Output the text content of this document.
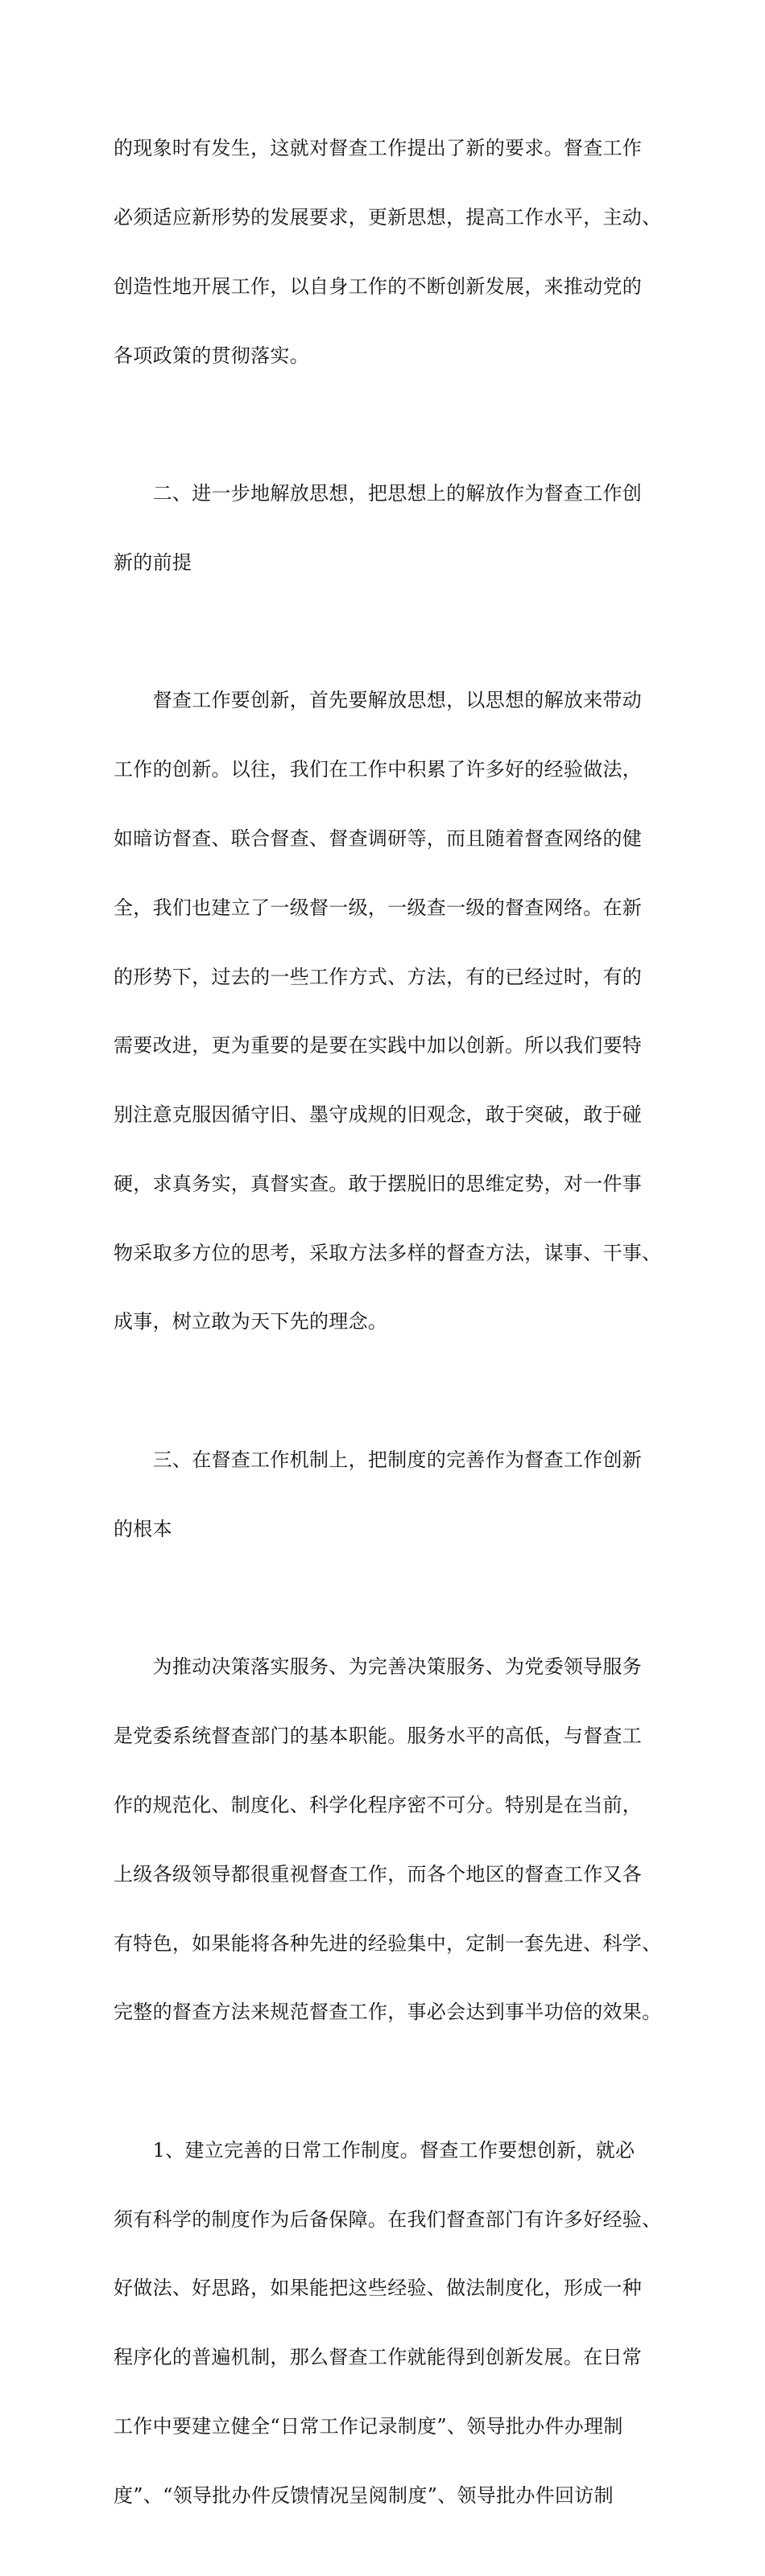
的现象时有发生，这就对督查工作提出了新的要求。督查工作

必须适应新形势的发展要求，更新思想，提高工作水平，主动、

创造性地开展工作，以自身工作的不断创新发展，来推动党的

各项政策的贯彻落实。

　　二、进一步地解放思想，把思想上的解放作为督查工作创

新的前提

　　督查工作要创新，首先要解放思想，以思想的解放来带动

工作的创新。以往，我们在工作中积累了许多好的经验做法，

如暗访督查、联合督查、督查调研等，而且随着督查网络的健

全，我们也建立了一级督一级，一级查一级的督查网络。在新

的形势下，过去的一些工作方式、方法，有的已经过时，有的

需要改进，更为重要的是要在实践中加以创新。所以我们要特

别注意克服因循守旧、墨守成规的旧观念，敢于突破，敢于碰

硬，求真务实，真督实查。敢于摆脱旧的思维定势，对一件事

物采取多方位的思考，采取方法多样的督查方法，谋事、干事、

成事，树立敢为天下先的理念。

　　三、在督查工作机制上，把制度的完善作为督查工作创新

的根本

　　为推动决策落实服务、为完善决策服务、为党委领导服务

是党委系统督查部门的基本职能。服务水平的高低，与督查工

作的规范化、制度化、科学化程序密不可分。特别是在当前，

上级各级领导都很重视督查工作，而各个地区的督查工作又各

有特色，如果能将各种先进的经验集中，定制一套先进、科学、

完整的督查方法来规范督查工作，事必会达到事半功倍的效果。

　　1、建立完善的日常工作制度。督查工作要想创新，就必

须有科学的制度作为后备保障。在我们督查部门有许多好经验、

好做法、好思路，如果能把这些经验、做法制度化，形成一种

程序化的普遍机制，那么督查工作就能得到创新发展。在日常

工作中要建立健全“日常工作记录制度”、领导批办件办理制

度”、“领导批办件反馈情况呈阅制度”、领导批办件回访制
